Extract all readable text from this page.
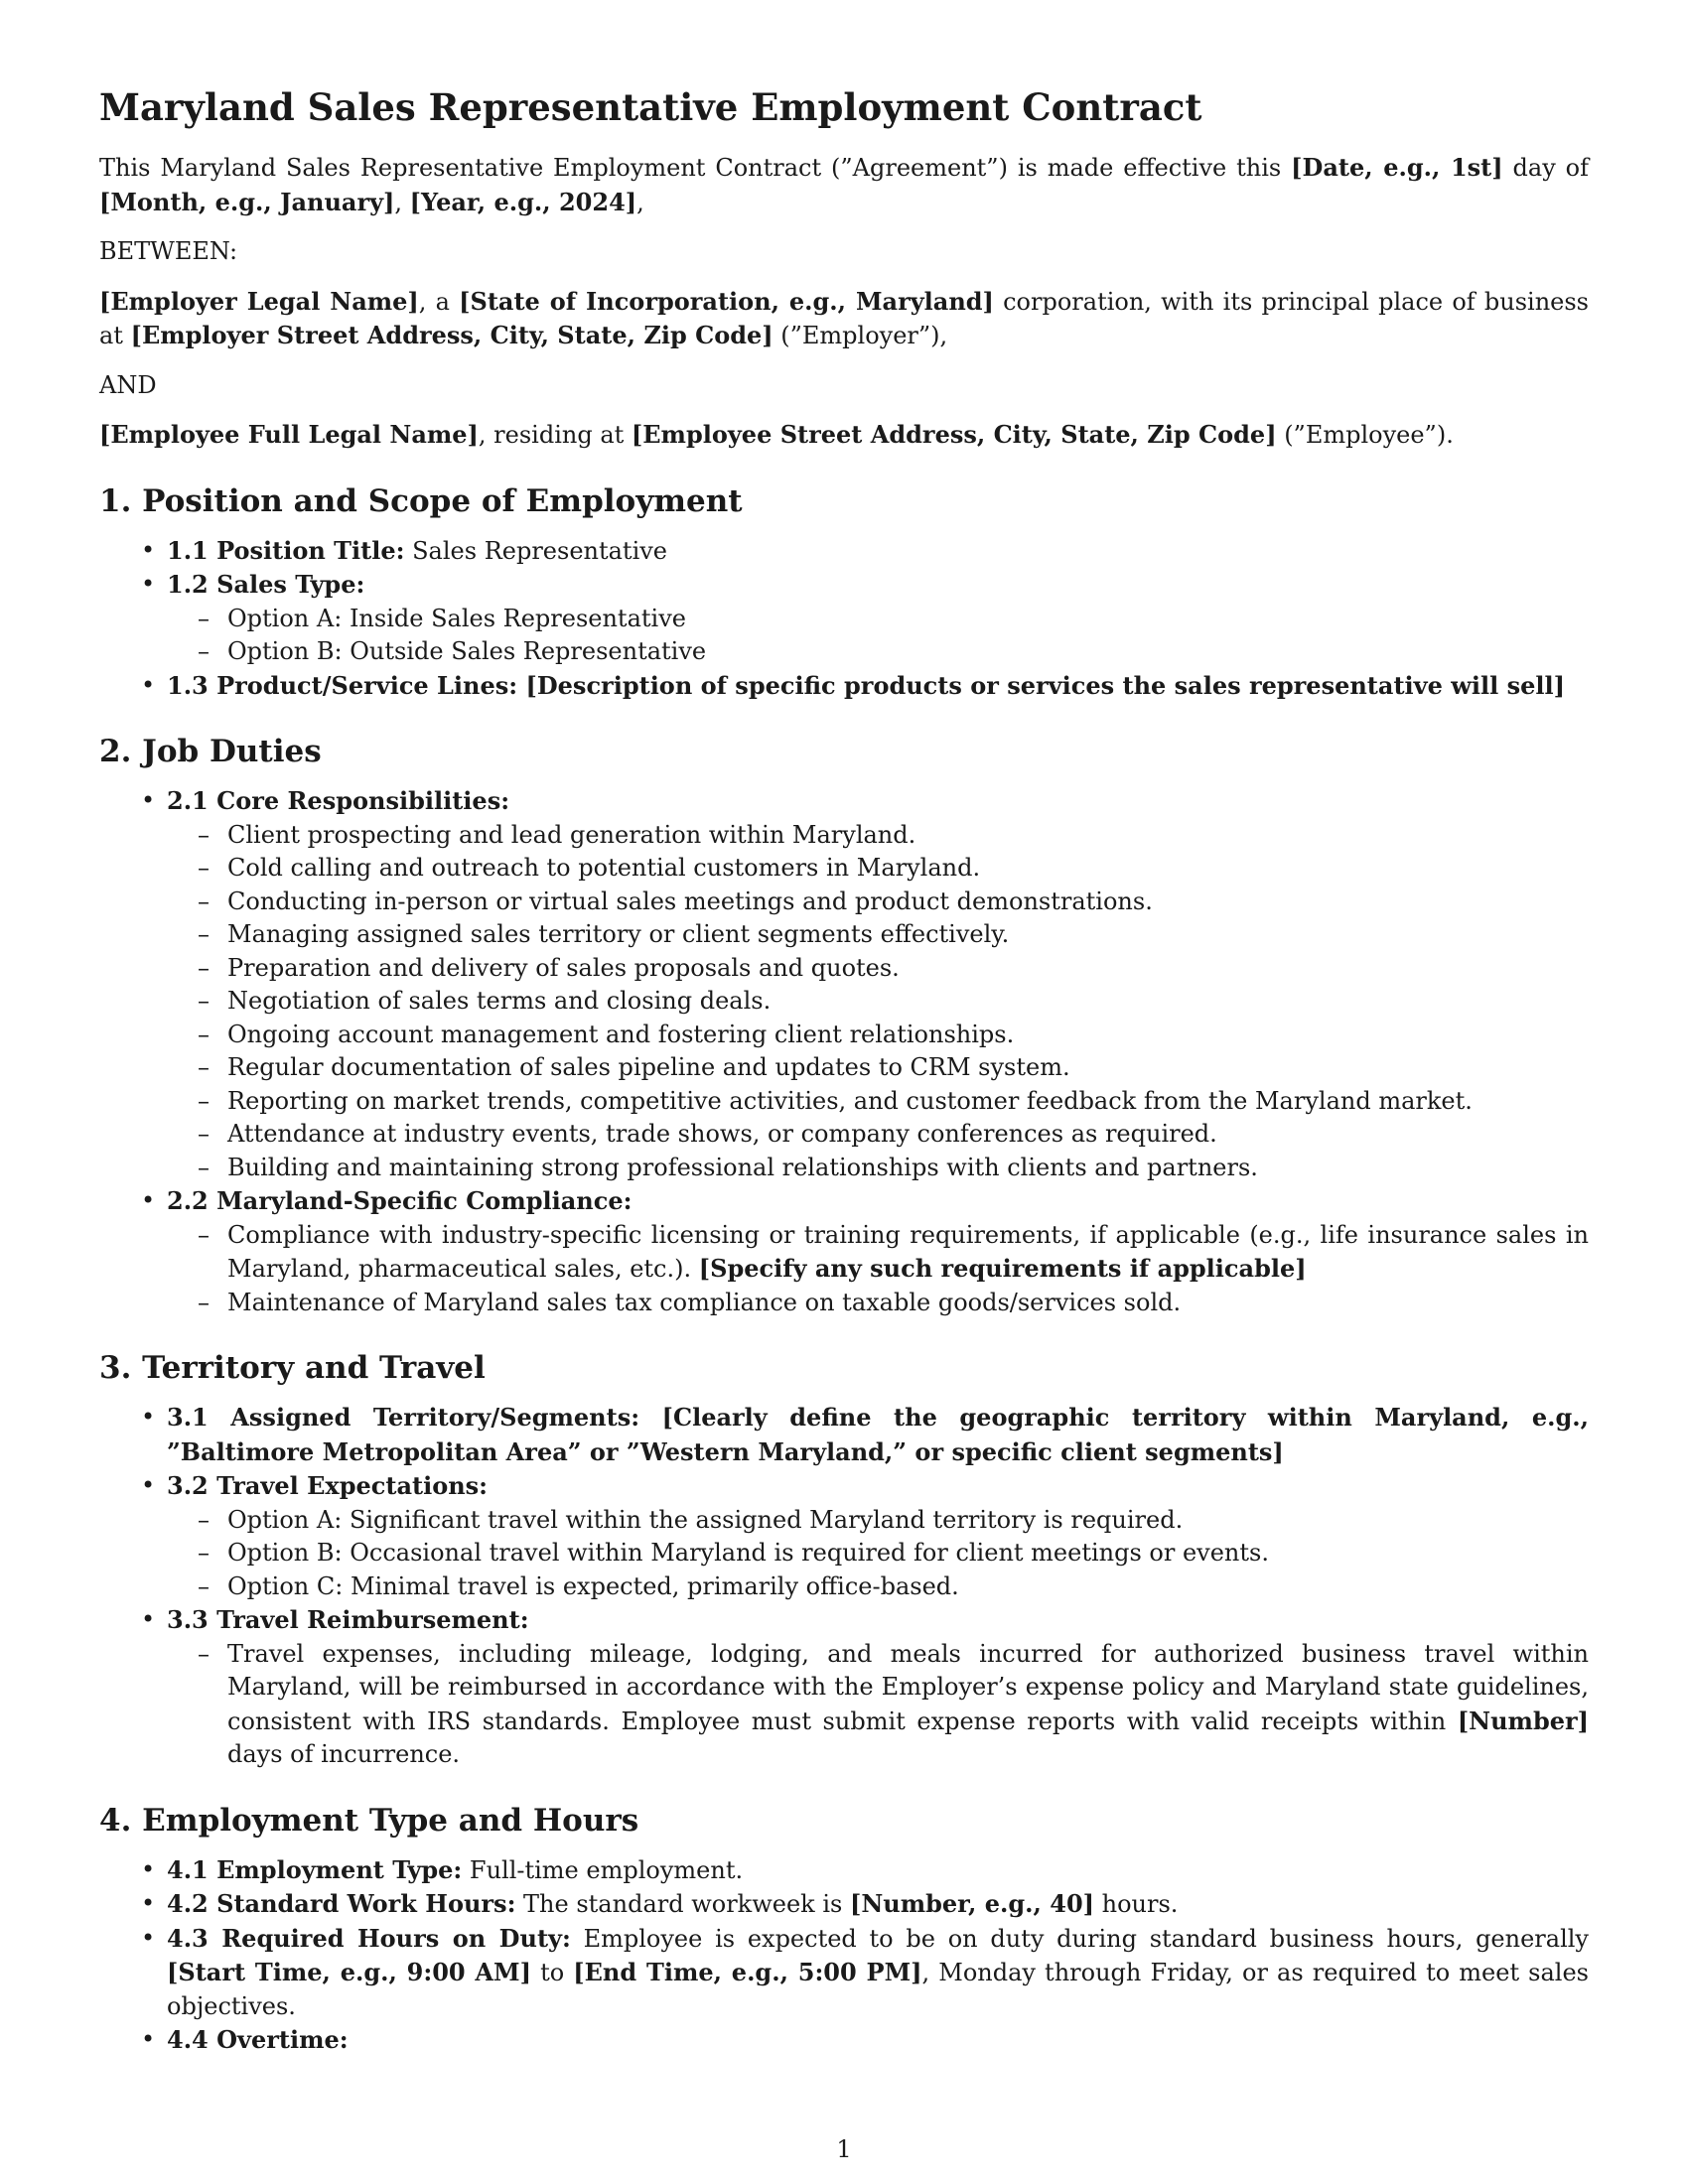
Maryland Sales Representative Employment Contract

This Maryland Sales Representative Employment Contract (”Agreement”) is made effective this [Date, e.g., 1st] day of [Month, e.g., January], [Year, e.g., 2024],

BETWEEN:

[Employer Legal Name], a [State of Incorporation, e.g., Maryland] corporation, with its principal place of business at [Employer Street Address, City, State, Zip Code] (”Employer”),

AND

[Employee Full Legal Name], residing at [Employee Street Address, City, State, Zip Code] (”Employee”).

1. Position and Scope of Employment
• 1.1 Position Title: Sales Representative
• 1.2 Sales Type:
– Option A: Inside Sales Representative
– Option B: Outside Sales Representative
• 1.3 Product/Service Lines: [Description of specific products or services the sales representative will sell]
2. Job Duties
• 2.1 Core Responsibilities:
– Client prospecting and lead generation within Maryland.
– Cold calling and outreach to potential customers in Maryland.
– Conducting in-person or virtual sales meetings and product demonstrations.
– Managing assigned sales territory or client segments effectively.
– Preparation and delivery of sales proposals and quotes.
– Negotiation of sales terms and closing deals.
– Ongoing account management and fostering client relationships.
– Regular documentation of sales pipeline and updates to CRM system.
– Reporting on market trends, competitive activities, and customer feedback from the Maryland market.
– Attendance at industry events, trade shows, or company conferences as required.
– Building and maintaining strong professional relationships with clients and partners.
• 2.2 Maryland-Specific Compliance:
– Compliance with industry-specific licensing or training requirements, if applicable (e.g., life insurance sales in Maryland, pharmaceutical sales, etc.). [Specify any such requirements if applicable]
– Maintenance of Maryland sales tax compliance on taxable goods/services sold.
3. Territory and Travel
• 3.1 Assigned Territory/Segments: [Clearly define the geographic territory within Maryland, e.g., ”Baltimore Metropolitan Area” or ”Western Maryland,” or specific client segments]
• 3.2 Travel Expectations:
– Option A: Significant travel within the assigned Maryland territory is required.
– Option B: Occasional travel within Maryland is required for client meetings or events.
– Option C: Minimal travel is expected, primarily office-based.
• 3.3 Travel Reimbursement:
– Travel expenses, including mileage, lodging, and meals incurred for authorized business travel within Maryland, will be reimbursed in accordance with the Employer’s expense policy and Maryland state guidelines, consistent with IRS standards. Employee must submit expense reports with valid receipts within [Number] days of incurrence.
4. Employment Type and Hours
• 4.1 Employment Type: Full-time employment.
• 4.2 Standard Work Hours: The standard workweek is [Number, e.g., 40] hours.
• 4.3 Required Hours on Duty: Employee is expected to be on duty during standard business hours, generally [Start Time, e.g., 9:00 AM] to [End Time, e.g., 5:00 PM], Monday through Friday, or as required to meet sales objectives.
• 4.4 Overtime:
1
